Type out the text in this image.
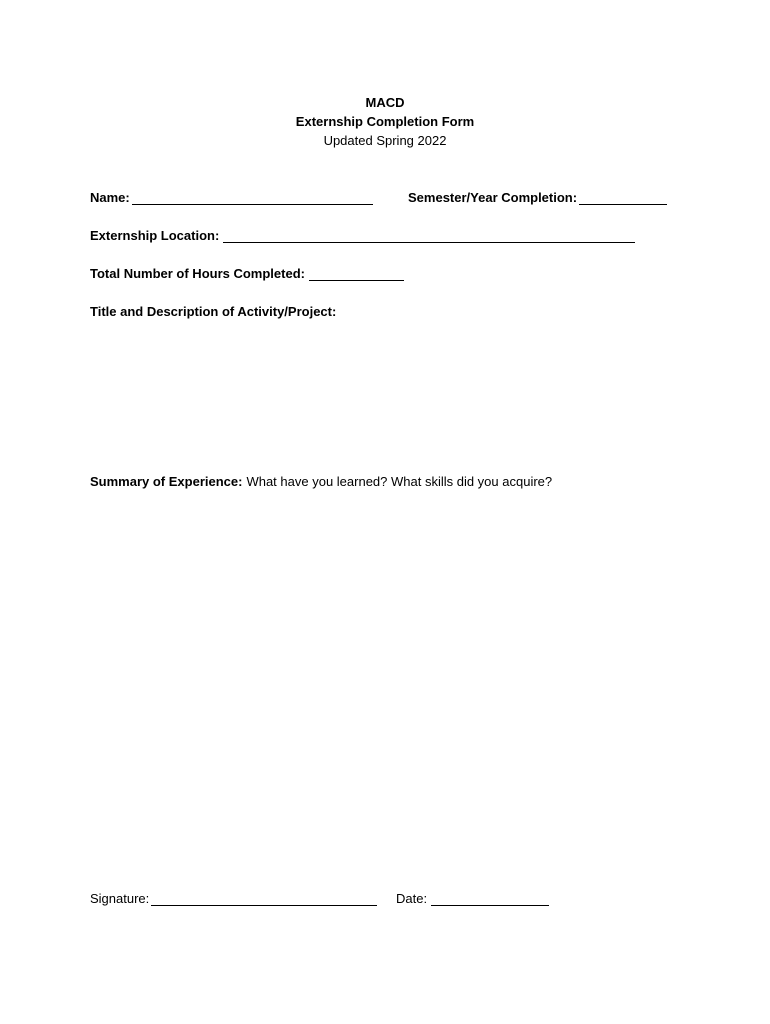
MACD
Externship Completion Form
Updated Spring 2022
Name:	Semester/Year Completion:
Externship Location:
Total Number of Hours Completed:
Title and Description of Activity/Project:
Summary of Experience: What have you learned? What skills did you acquire?
Signature:	Date:
